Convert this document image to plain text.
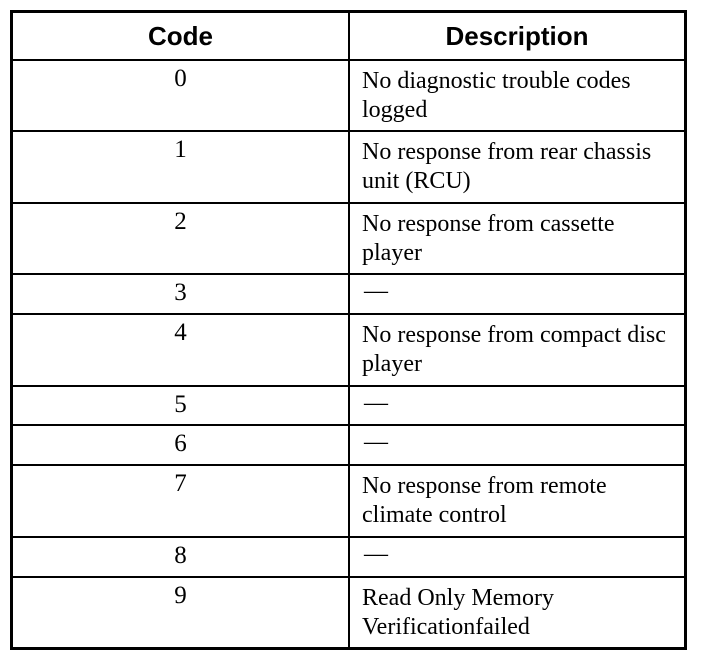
Code	Description
0	No diagnostic trouble codes logged
1	No response from rear chassis unit (RCU)
2	No response from cassette player
3	—
4	No response from compact disc player
5	—
6	—
7	No response from remote climate control
8	—
9	Read Only Memory Verificationfailed
